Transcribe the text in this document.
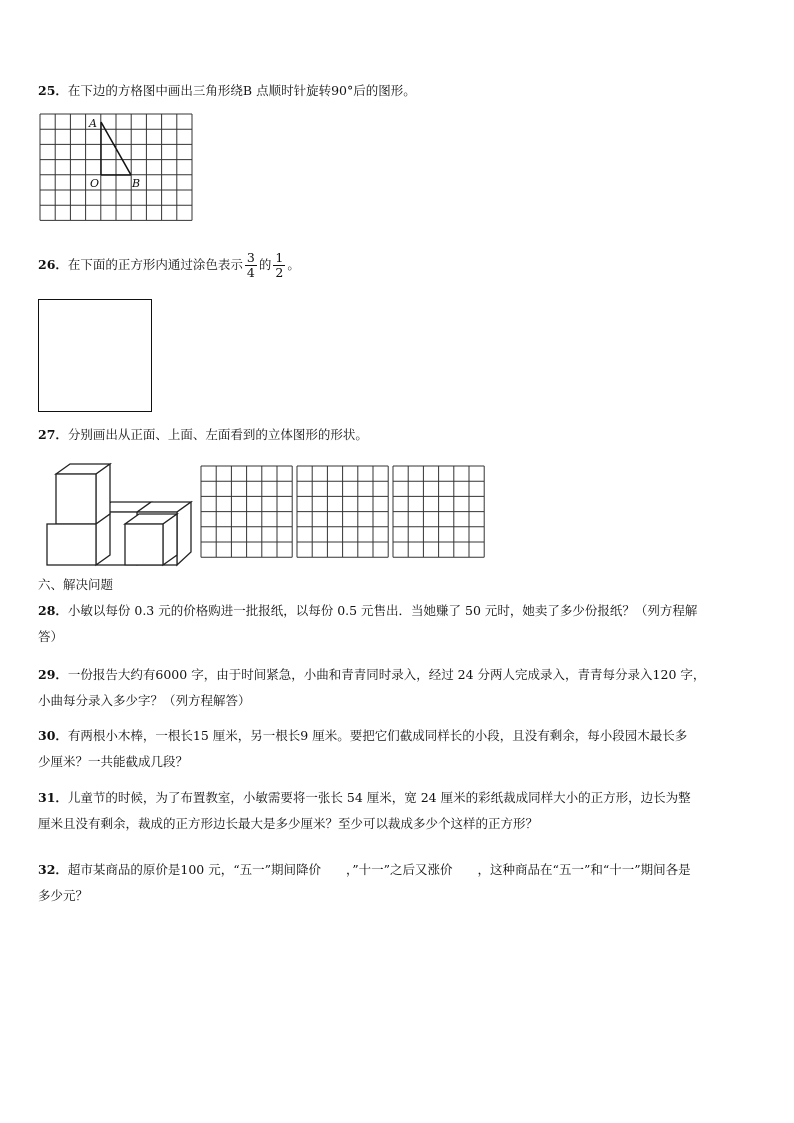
25．在下边的方格图中画出三角形绕B 点顺时针旋转90°后的图形。
A
O	B
26．在下面的正方形内通过涂色表示 $\frac{3}{4}$ 的 $\frac{1}{2}$ 。
27．分别画出从正面、上面、左面看到的立体图形的形状。
六、解决问题
28．小敏以每份 0.3 元的价格购进一批报纸，以每份 0.5 元售出．当她赚了 50 元时，她卖了多少份报纸？（列方程解
答）
29．一份报告大约有6000 字，由于时间紧急，小曲和青青同时录入，经过 24 分两人完成录入，青青每分录入120 字，
小曲每分录入多少字？（列方程解答）
30．有两根小木棒，一根长15 厘米，另一根长9 厘米。要把它们截成同样长的小段，且没有剩余，每小段园木最长多
少厘米？一共能截成几段？
31．儿童节的时候，为了布置教室，小敏需要将一张长 54 厘米，宽 24 厘米的彩纸裁成同样大小的正方形，边长为整
厘米且没有剩余，裁成的正方形边长最大是多少厘米？至少可以裁成多少个这样的正方形？
32．超市某商品的原价是100 元，“五一”期间降价　　，”十一”之后又涨价　　，这种商品在“五一”和“十一”期间各是
多少元？
